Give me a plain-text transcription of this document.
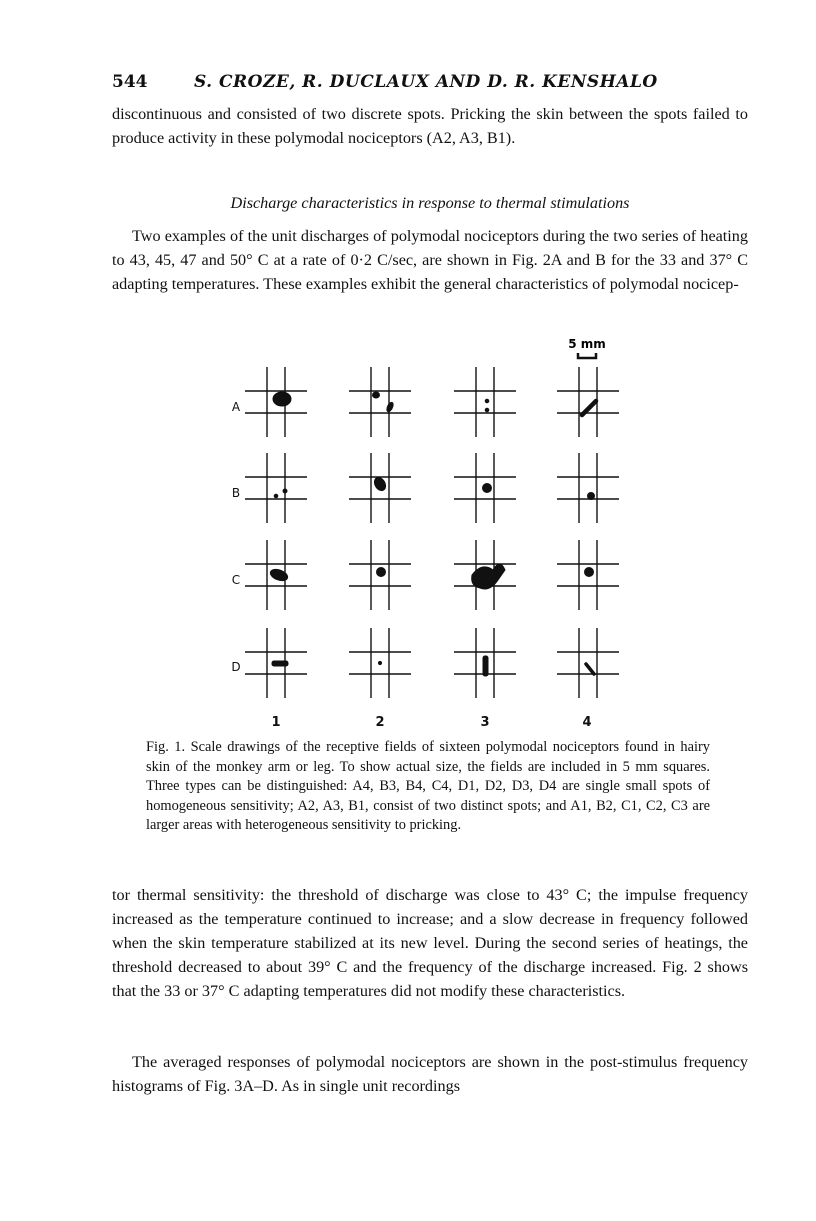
544	S. CROZE, R. DUCLAUX AND D. R. KENSHALO

discontinuous and consisted of two discrete spots. Pricking the skin between the spots failed to produce activity in these polymodal nociceptors (A2, A3, B1).

Discharge characteristics in response to thermal stimulations

Two examples of the unit discharges of polymodal nociceptors during the two series of heating to 43, 45, 47 and 50° C at a rate of 0·2 C/sec, are shown in Fig. 2A and B for the 33 and 37° C adapting temperatures. These examples exhibit the general characteristics of polymodal nocicep-

5 mm
A
B
C
D
1	2	3	4

Fig. 1. Scale drawings of the receptive fields of sixteen polymodal nociceptors found in hairy skin of the monkey arm or leg. To show actual size, the fields are included in 5 mm squares. Three types can be distinguished: A4, B3, B4, C4, D1, D2, D3, D4 are single small spots of homogeneous sensitivity; A2, A3, B1, consist of two distinct spots; and A1, B2, C1, C2, C3 are larger areas with heterogeneous sensitivity to pricking.

tor thermal sensitivity: the threshold of discharge was close to 43° C; the impulse frequency increased as the temperature continued to increase; and a slow decrease in frequency followed when the skin temperature stabilized at its new level. During the second series of heatings, the threshold decreased to about 39° C and the frequency of the discharge increased. Fig. 2 shows that the 33 or 37° C adapting temperatures did not modify these characteristics.

The averaged responses of polymodal nociceptors are shown in the post-stimulus frequency histograms of Fig. 3A–D. As in single unit recordings
